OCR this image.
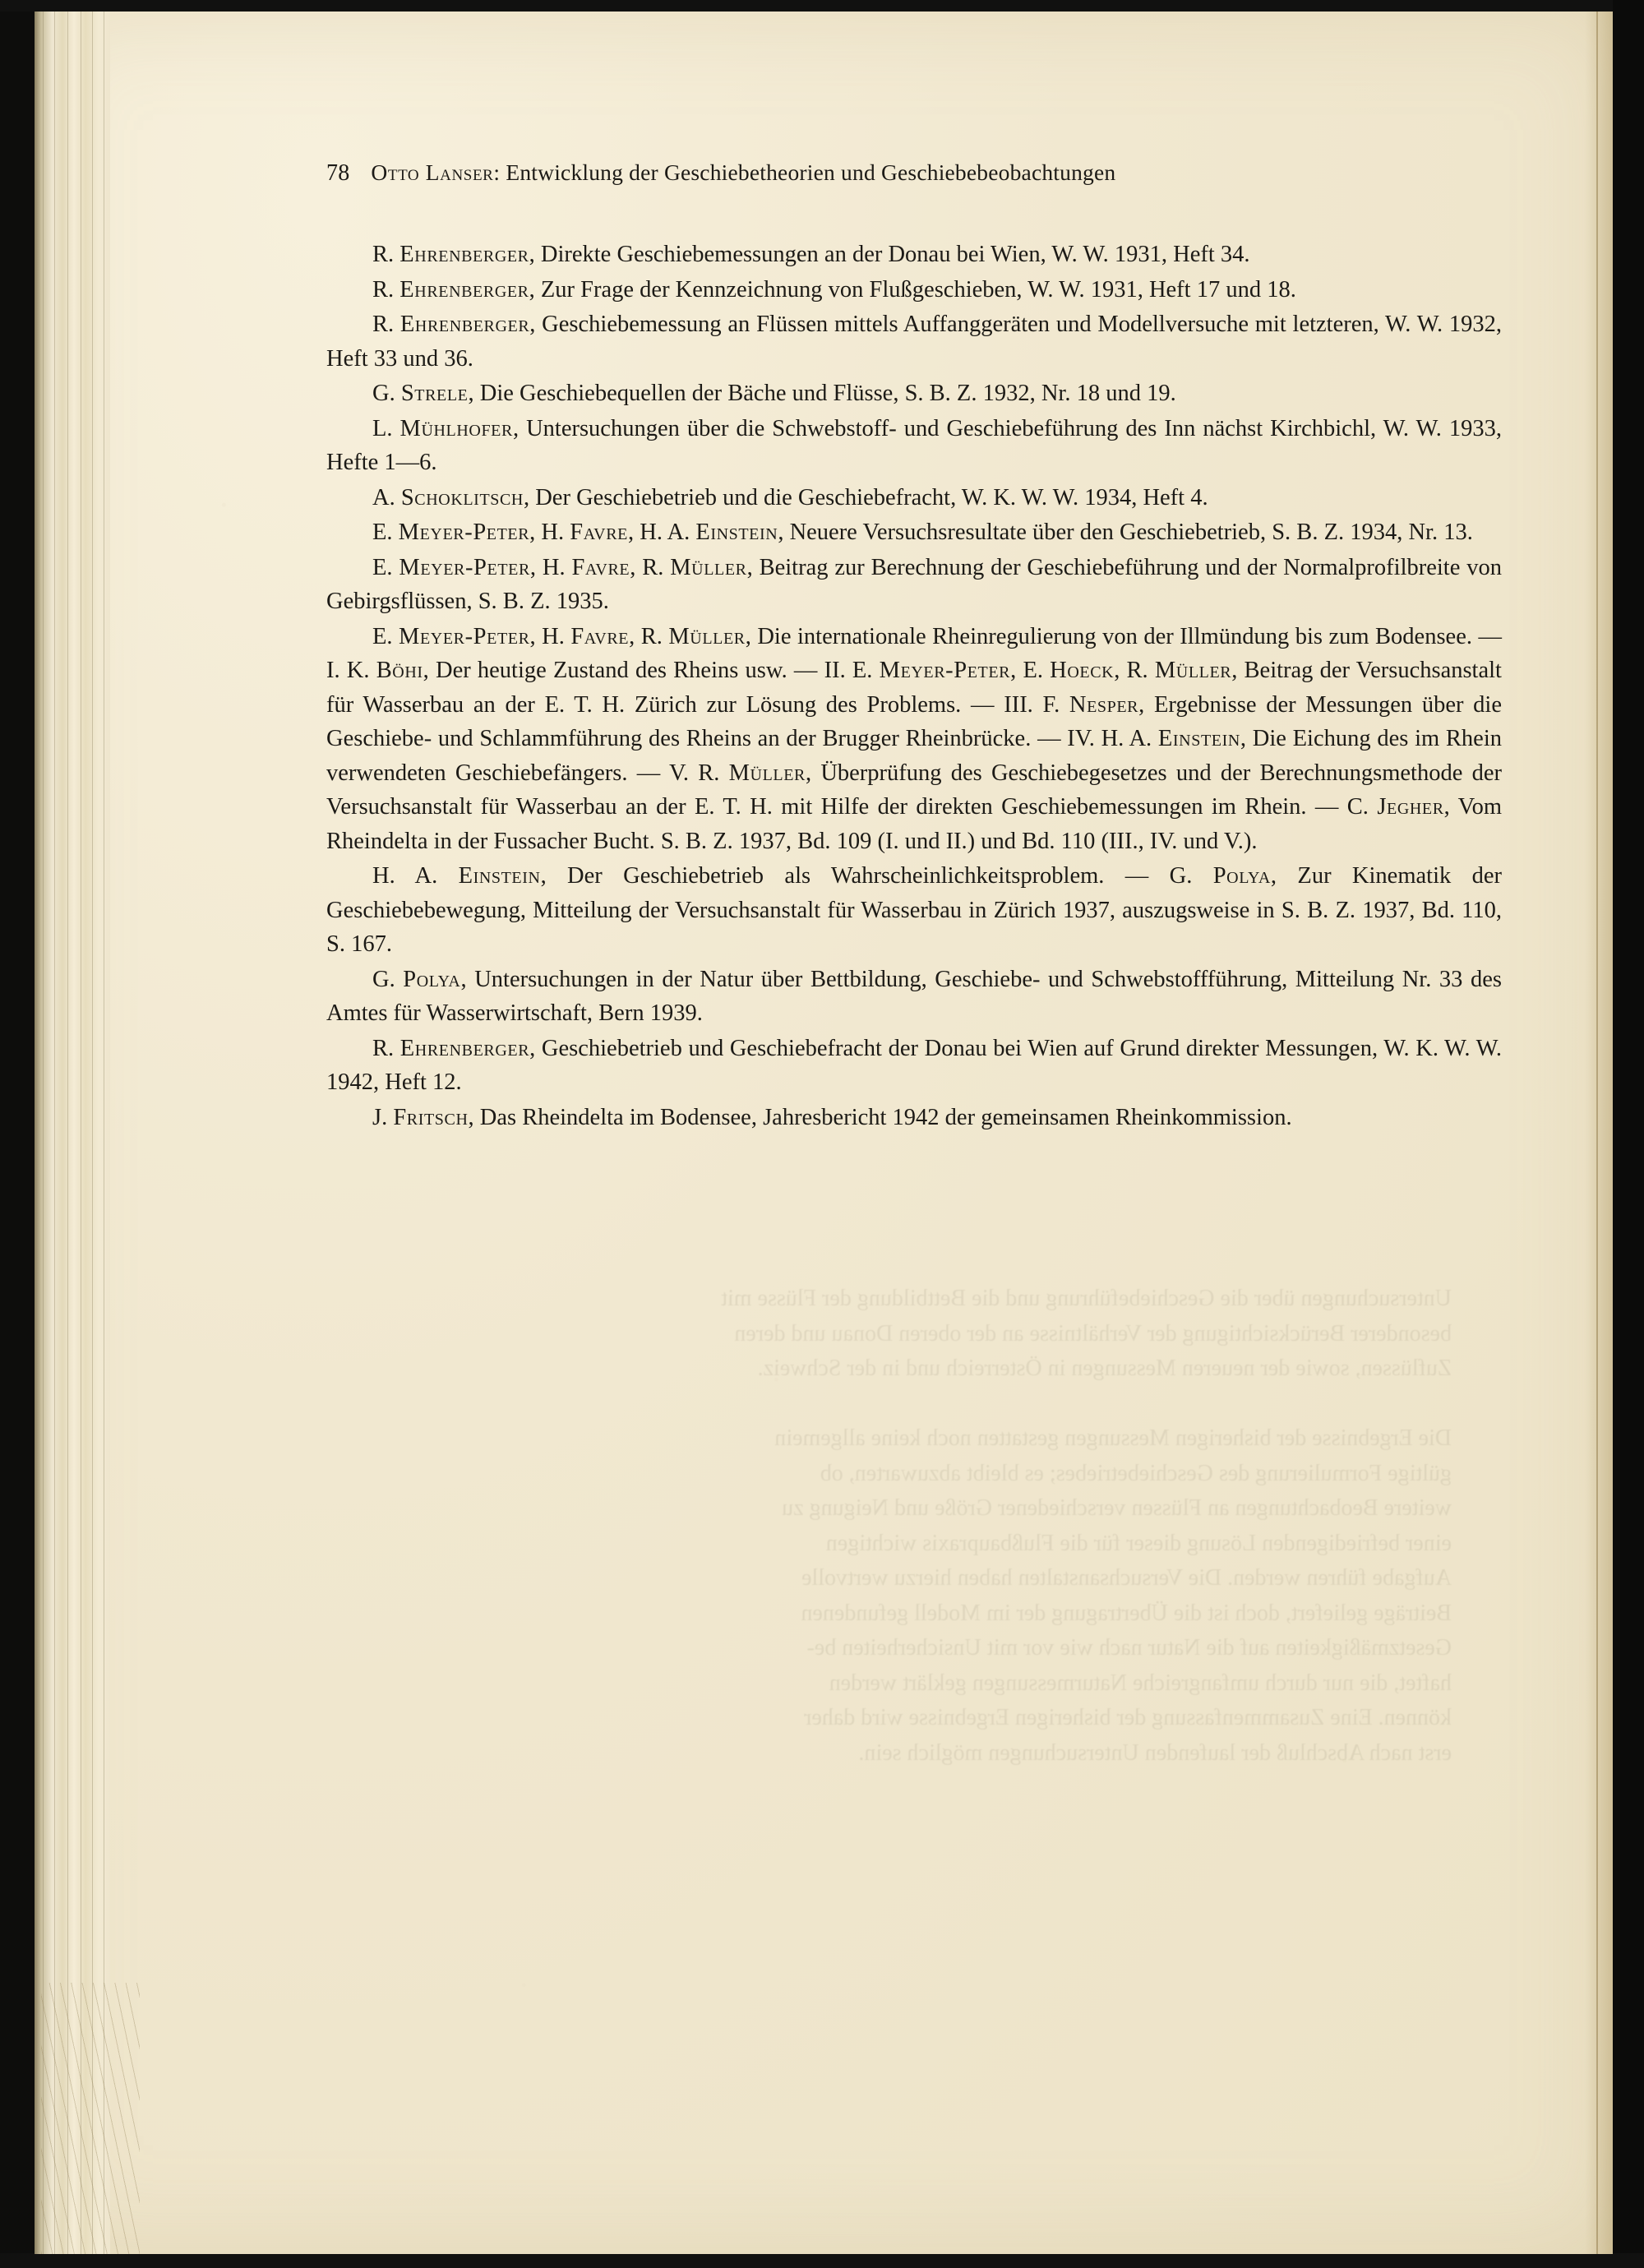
Untersuchungen über die Geschiebeführung und die Bettbildung der Flüsse mit

besonderer Berücksichtigung der Verhältnisse an der oberen Donau und deren

Zuflüssen, sowie der neueren Messungen in Österreich und in der Schweiz.

Die Ergebnisse der bisherigen Messungen gestatten noch keine allgemein

gültige Formulierung des Geschiebetriebes; es bleibt abzuwarten, ob

weitere Beobachtungen an Flüssen verschiedener Größe und Neigung zu

einer befriedigenden Lösung dieser für die Flußbaupraxis wichtigen

Aufgabe führen werden. Die Versuchsanstalten haben hierzu wertvolle

Beiträge geliefert, doch ist die Übertragung der im Modell gefundenen

Gesetzmäßigkeiten auf die Natur nach wie vor mit Unsicherheiten be-

haftet, die nur durch umfangreiche Naturmessungen geklärt werden

können. Eine Zusammenfassung der bisherigen Ergebnisse wird daher

erst nach Abschluß der laufenden Untersuchungen möglich sein.

78 Otto Lanser: Entwicklung der Geschiebetheorien und Geschiebebeobachtungen

R. Ehrenberger, Direkte Geschiebemessungen an der Donau bei Wien, W. W. 1931, Heft 34.

R. Ehrenberger, Zur Frage der Kennzeichnung von Flußgeschieben, W. W. 1931, Heft 17 und 18.

R. Ehrenberger, Geschiebemessung an Flüssen mittels Auffanggeräten und Modellversuche mit letzteren, W. W. 1932, Heft 33 und 36.

G. Strele, Die Geschiebequellen der Bäche und Flüsse, S. B. Z. 1932, Nr. 18 und 19.

L. Mühlhofer, Untersuchungen über die Schwebstoff- und Geschiebeführung des Inn nächst Kirchbichl, W. W. 1933, Hefte 1—6.

A. Schoklitsch, Der Geschiebetrieb und die Geschiebefracht, W. K. W. W. 1934, Heft 4.

E. Meyer-Peter, H. Favre, H. A. Einstein, Neuere Versuchsresultate über den Geschiebetrieb, S. B. Z. 1934, Nr. 13.

E. Meyer-Peter, H. Favre, R. Müller, Beitrag zur Berechnung der Geschiebeführung und der Normalprofilbreite von Gebirgsflüssen, S. B. Z. 1935.

E. Meyer-Peter, H. Favre, R. Müller, Die internationale Rheinregulierung von der Illmündung bis zum Bodensee. — I. K. Böhi, Der heutige Zustand des Rheins usw. — II. E. Meyer-Peter, E. Hoeck, R. Müller, Beitrag der Versuchsanstalt für Wasserbau an der E. T. H. Zürich zur Lösung des Problems. — III. F. Nesper, Ergebnisse der Messungen über die Geschiebe- und Schlammführung des Rheins an der Brugger Rheinbrücke. — IV. H. A. Einstein, Die Eichung des im Rhein verwendeten Geschiebefängers. — V. R. Müller, Überprüfung des Geschiebegesetzes und der Berechnungsmethode der Versuchsanstalt für Wasserbau an der E. T. H. mit Hilfe der direkten Geschiebemessungen im Rhein. — C. Jegher, Vom Rheindelta in der Fussacher Bucht. S. B. Z. 1937, Bd. 109 (I. und II.) und Bd. 110 (III., IV. und V.).

H. A. Einstein, Der Geschiebetrieb als Wahrscheinlichkeitsproblem. — G. Polya, Zur Kinematik der Geschiebebewegung, Mitteilung der Versuchsanstalt für Wasserbau in Zürich 1937, auszugsweise in S. B. Z. 1937, Bd. 110, S. 167.

G. Polya, Untersuchungen in der Natur über Bettbildung, Geschiebe- und Schwebstoffführung, Mitteilung Nr. 33 des Amtes für Wasserwirtschaft, Bern 1939.

R. Ehrenberger, Geschiebetrieb und Geschiebefracht der Donau bei Wien auf Grund direkter Messungen, W. K. W. W. 1942, Heft 12.

J. Fritsch, Das Rheindelta im Bodensee, Jahresbericht 1942 der gemeinsamen Rheinkommission.
